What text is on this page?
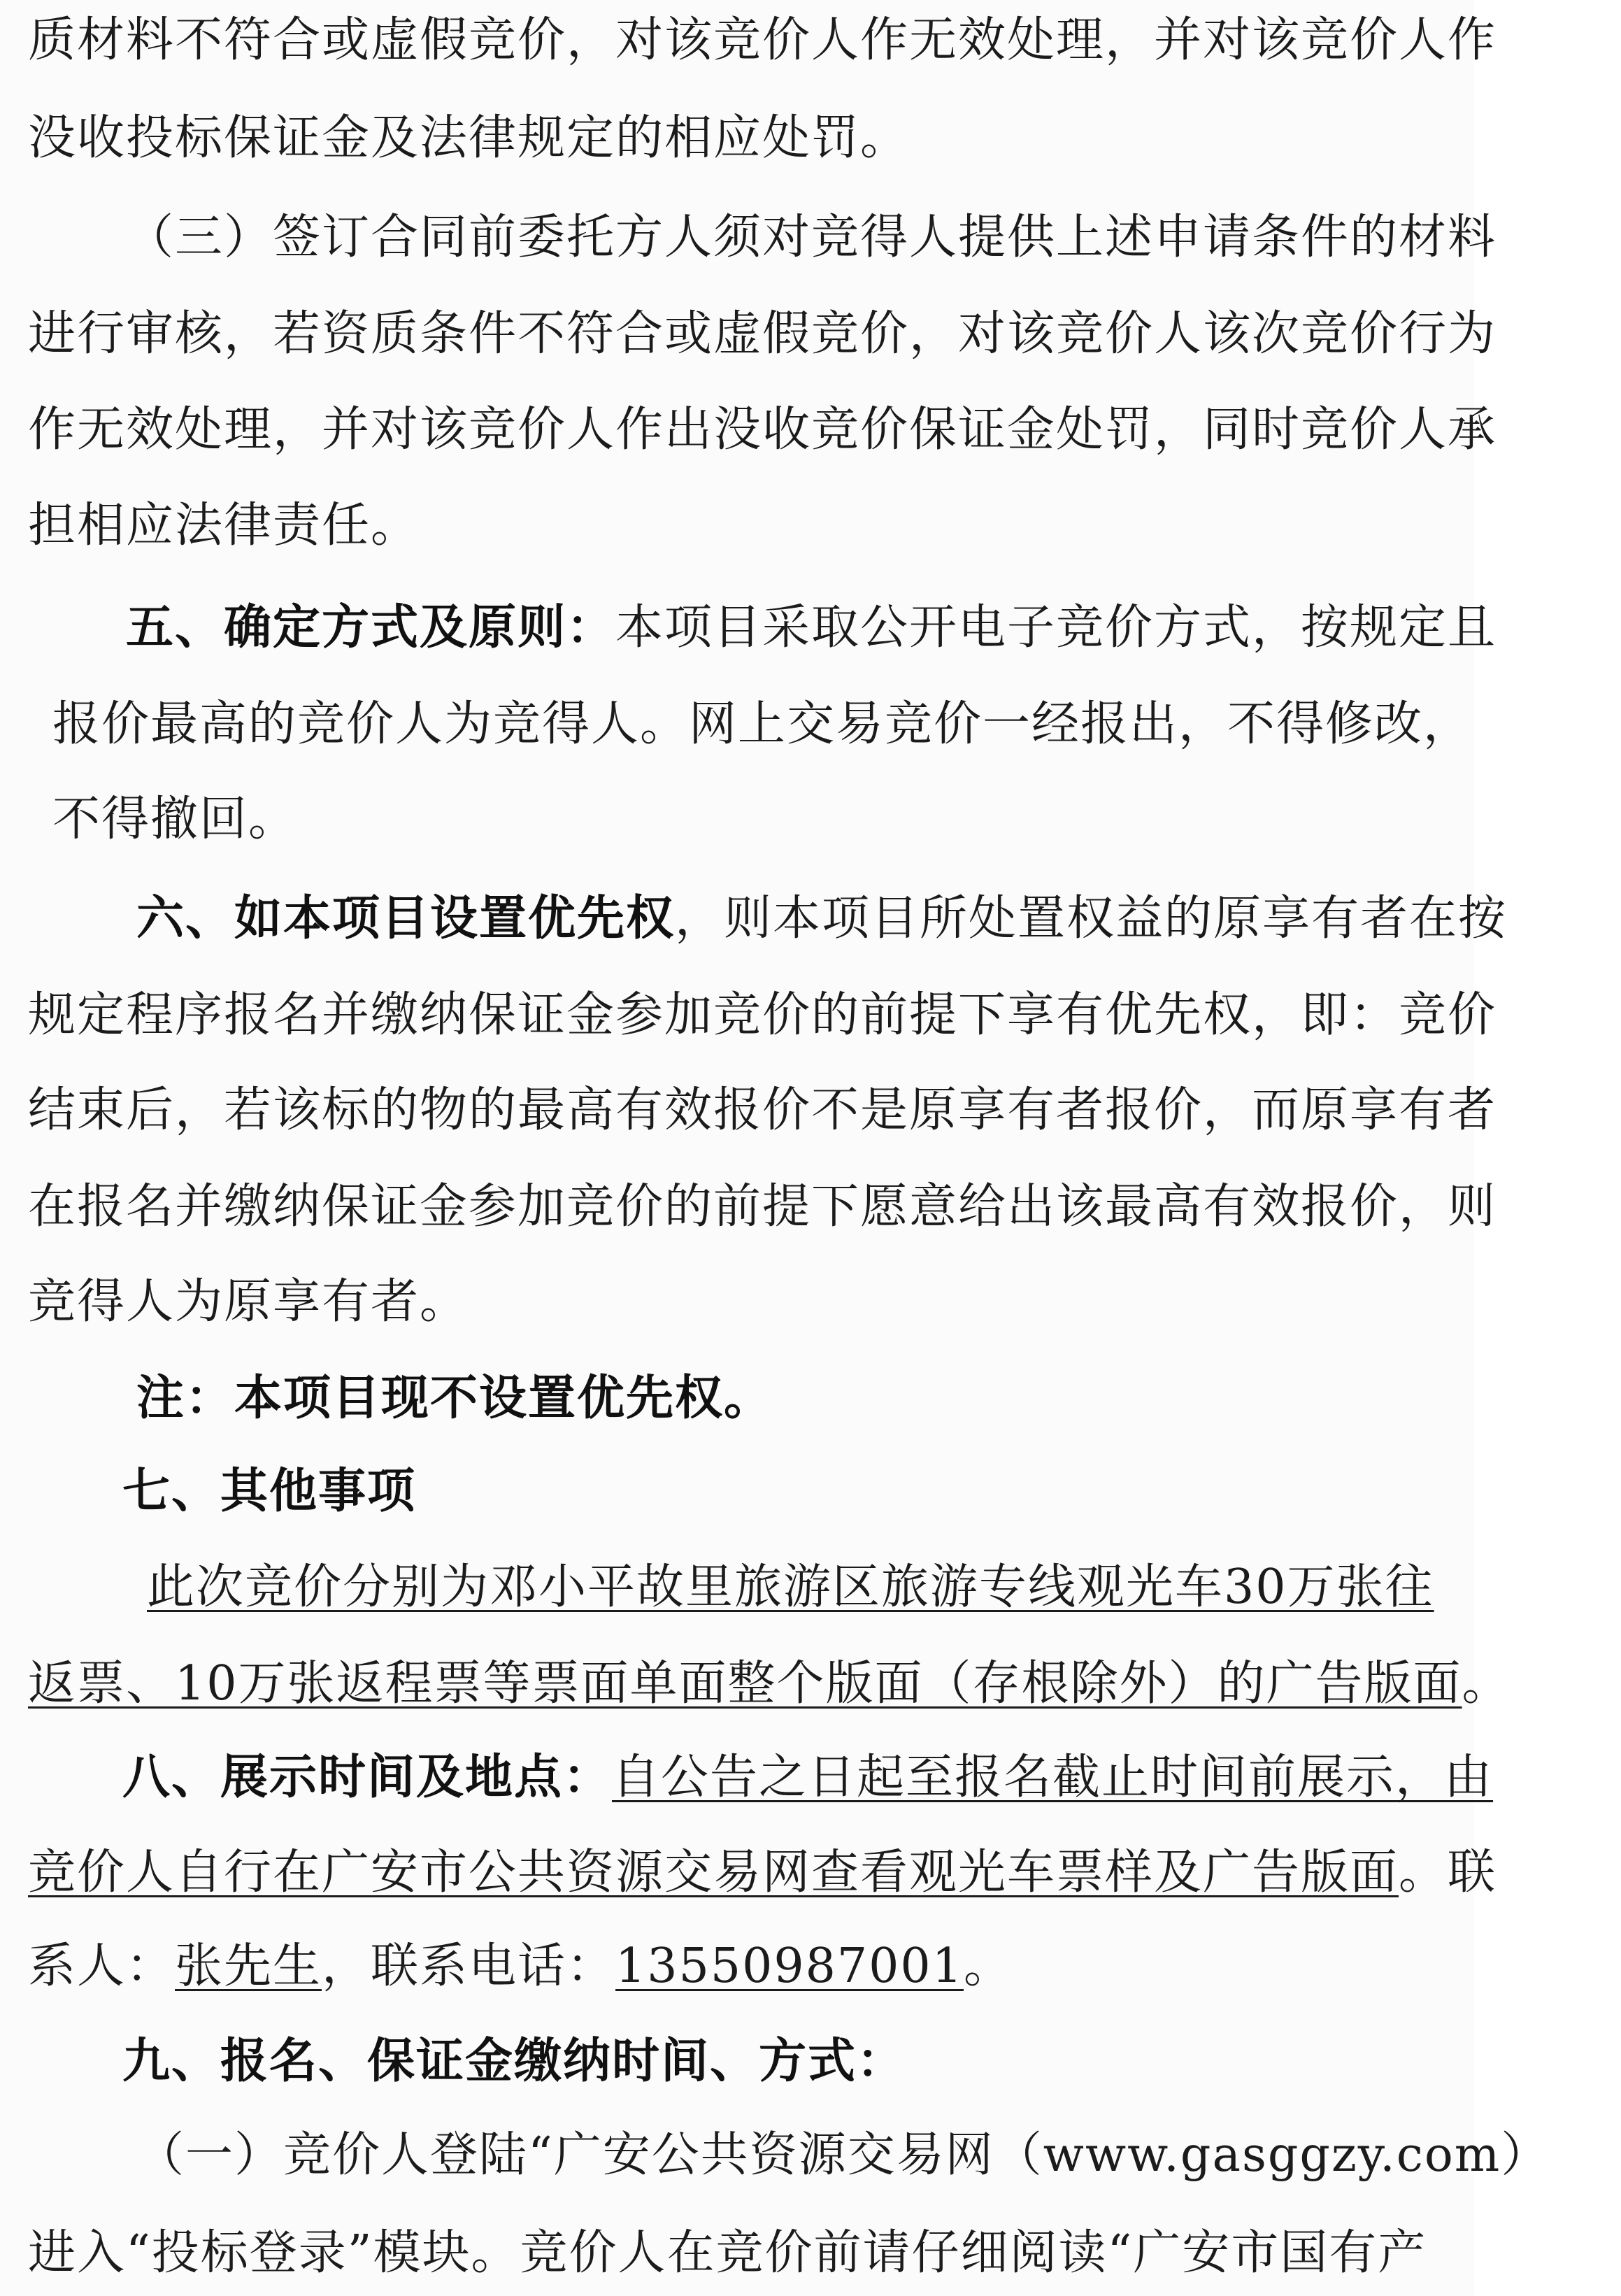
质材料不符合或虚假竞价，对该竞价人作无效处理，并对该竞价人作
没收投标保证金及法律规定的相应处罚。
（三）签订合同前委托方人须对竞得人提供上述申请条件的材料
进行审核，若资质条件不符合或虚假竞价，对该竞价人该次竞价行为
作无效处理，并对该竞价人作出没收竞价保证金处罚，同时竞价人承
担相应法律责任。
五、确定方式及原则：本项目采取公开电子竞价方式，按规定且
报价最高的竞价人为竞得人。网上交易竞价一经报出，不得修改，
不得撤回。
六、如本项目设置优先权，则本项目所处置权益的原享有者在按
规定程序报名并缴纳保证金参加竞价的前提下享有优先权，即：竞价
结束后，若该标的物的最高有效报价不是原享有者报价，而原享有者
在报名并缴纳保证金参加竞价的前提下愿意给出该最高有效报价，则
竞得人为原享有者。
注：本项目现不设置优先权。
七、其他事项
此次竞价分别为邓小平故里旅游区旅游专线观光车30万张往
返票、10万张返程票等票面单面整个版面（存根除外）的广告版面。
八、展示时间及地点：自公告之日起至报名截止时间前展示，由
竞价人自行在广安市公共资源交易网查看观光车票样及广告版面。联
系人：张先生，联系电话：13550987001。
九、报名、保证金缴纳时间、方式：
（一）竞价人登陆“广安公共资源交易网（www.gasggzy.com）
进入“投标登录”模块。竞价人在竞价前请仔细阅读“广安市国有产
